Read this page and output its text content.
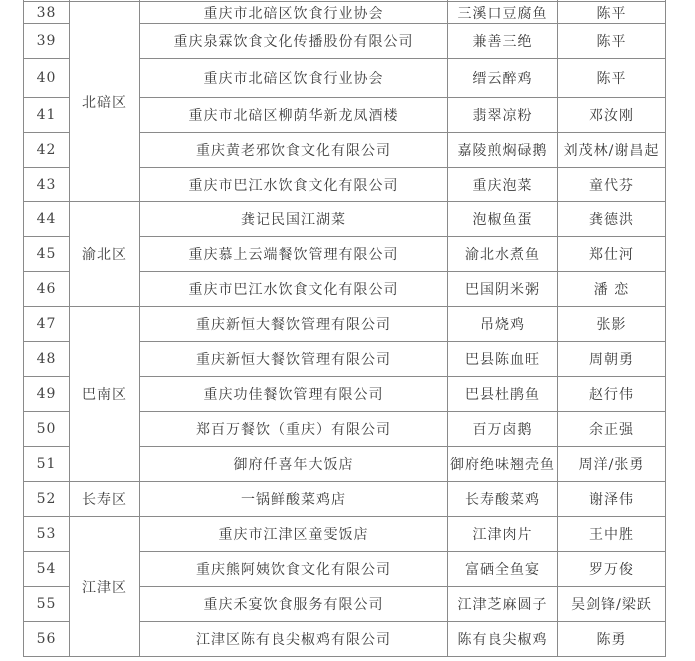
38	北碚区	重庆市北碚区饮食行业协会	三溪口豆腐鱼	陈平
39		重庆泉霖饮食文化传播股份有限公司	兼善三绝	陈平
40		重庆市北碚区饮食行业协会	缙云醉鸡	陈平
41		重庆市北碚区柳荫华新龙凤酒楼	翡翠凉粉	邓汝刚
42		重庆黄老邪饮食文化有限公司	嘉陵煎焖碌鹅	刘茂林/谢昌起
43		重庆市巴江水饮食文化有限公司	重庆泡菜	童代芬
44	渝北区	龚记民国江湖菜	泡椒鱼蛋	龚德洪
45		重庆慕上云端餐饮管理有限公司	渝北水煮鱼	郑仕河
46		重庆市巴江水饮食文化有限公司	巴国阴米粥	潘 恋
47	巴南区	重庆新恒大餐饮管理有限公司	吊烧鸡	张影
48		重庆新恒大餐饮管理有限公司	巴县陈血旺	周朝勇
49		重庆功佳餐饮管理有限公司	巴县杜鹃鱼	赵行伟
50		郑百万餐饮（重庆）有限公司	百万卤鹅	余正强
51		御府仟喜年大饭店	御府绝味翘壳鱼	周洋/张勇
52	长寿区	一锅鲜酸菜鸡店	长寿酸菜鸡	谢泽伟
53	江津区	重庆市江津区童雯饭店	江津肉片	王中胜
54		重庆熊阿姨饮食文化有限公司	富硒全鱼宴	罗万俊
55		重庆禾宴饮食服务有限公司	江津芝麻圆子	吴剑锋/梁跃
56		江津区陈有良尖椒鸡有限公司	陈有良尖椒鸡	陈勇
